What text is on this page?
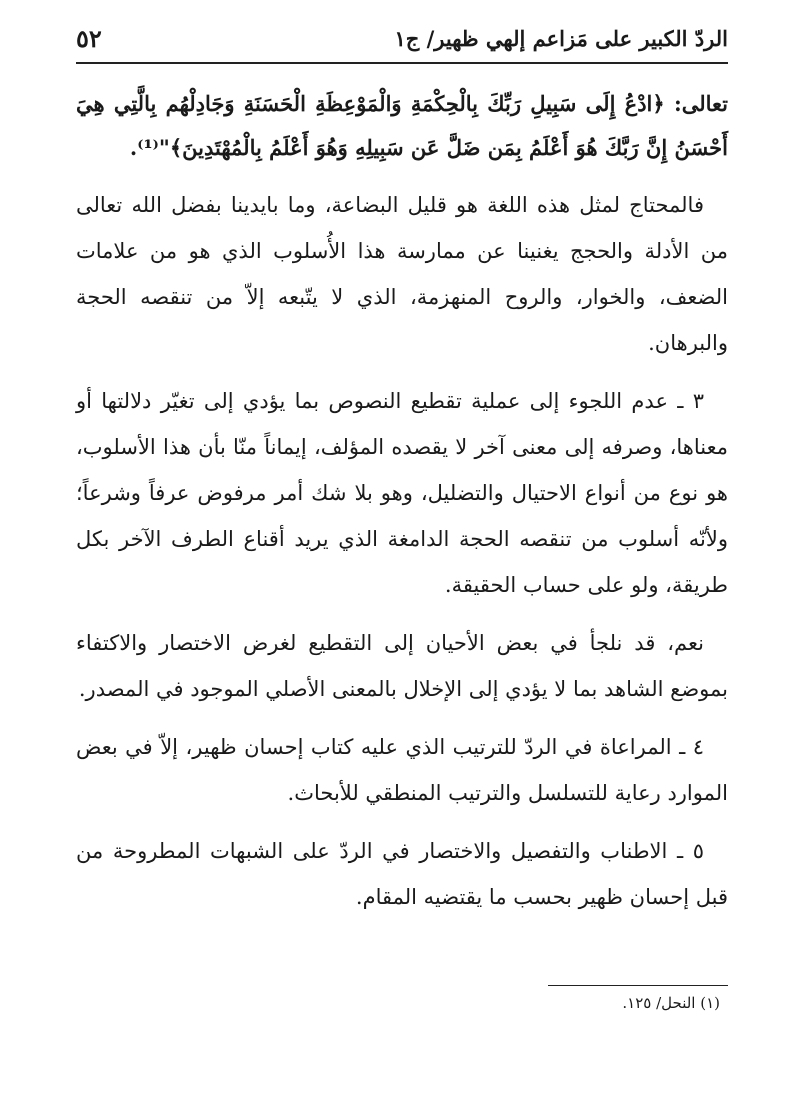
الردّ الكبير على مَزاعم إلهي ظهير/ ج١
٥٢

تعالى: ﴿ادْعُ إِلَى سَبِيلِ رَبِّكَ بِالْحِكْمَةِ وَالْمَوْعِظَةِ الْحَسَنَةِ وَجَادِلْهُم بِالَّتِي هِيَ أَحْسَنُ إِنَّ رَبَّكَ هُوَ أَعْلَمُ بِمَن ضَلَّ عَن سَبِيلِهِ وَهُوَ أَعْلَمُ بِالْمُهْتَدِينَ﴾"⁽¹⁾.

فالمحتاج لمثل هذه اللغة هو قليل البضاعة، وما بايدينا بفضل الله تعالى من الأدلة والحجج يغنينا عن ممارسة هذا الأُسلوب الذي هو من علامات الضعف، والخوار، والروح المنهزمة، الذي لا يتّبعه إلاّ من تنقصه الحجة والبرهان.

٣ ـ عدم اللجوء إلى عملية تقطيع النصوص بما يؤدي إلى تغيّر دلالتها أو معناها، وصرفه إلى معنى آخر لا يقصده المؤلف، إيماناً منّا بأن هذا الأسلوب، هو نوع من أنواع الاحتيال والتضليل، وهو بلا شك أمر مرفوض عرفاً وشرعاً؛ ولأنّه أسلوب من تنقصه الحجة الدامغة الذي يريد أقناع الطرف الآخر بكل طريقة، ولو على حساب الحقيقة.

نعم، قد نلجأ في بعض الأحيان إلى التقطيع لغرض الاختصار والاكتفاء بموضع الشاهد بما لا يؤدي إلى الإخلال بالمعنى الأصلي الموجود في المصدر.

٤ ـ المراعاة في الردّ للترتيب الذي عليه كتاب إحسان ظهير، إلاّ في بعض الموارد رعاية للتسلسل والترتيب المنطقي للأبحاث.

٥ ـ الاطناب والتفصيل والاختصار في الردّ على الشبهات المطروحة من قبل إحسان ظهير بحسب ما يقتضيه المقام.

(١) النحل/ ١٢٥.
